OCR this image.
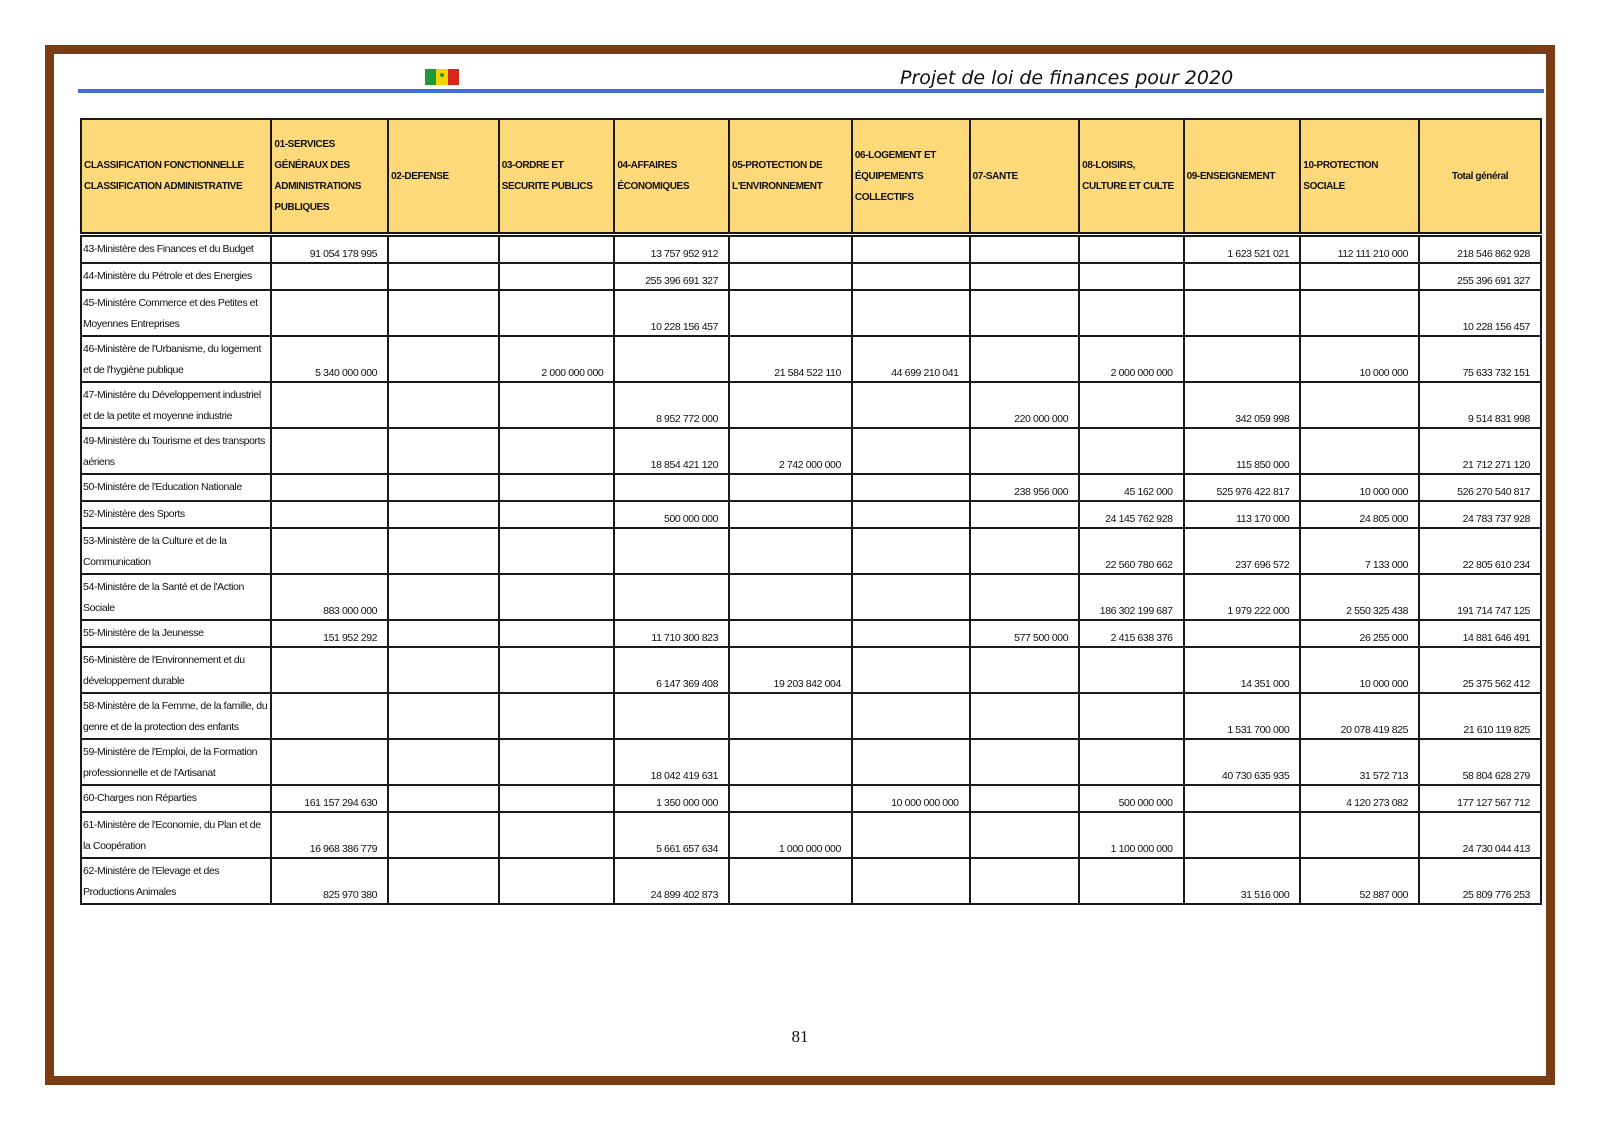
Projet de loi de finances pour 2020
CLASSIFICATION FONCTIONNELLE
CLASSIFICATION ADMINISTRATIVE	01-SERVICES GÉNÉRAUX DES ADMINISTRATIONS PUBLIQUES	02-DEFENSE	03-ORDRE ET SECURITE PUBLICS	04-AFFAIRES ÉCONOMIQUES	05-PROTECTION DE L'ENVIRONNEMENT	06-LOGEMENT ET ÉQUIPEMENTS COLLECTIFS	07-SANTE	08-LOISIRS, CULTURE ET CULTE	09-ENSEIGNEMENT	10-PROTECTION SOCIALE	Total général

43-Ministère des Finances et du Budget	91 054 178 995			13 757 952 912					1 623 521 021	112 111 210 000	218 546 862 928
44-Ministère du Pétrole et des Energies				255 396 691 327							255 396 691 327
45-Ministère Commerce et des Petites et Moyennes Entreprises				10 228 156 457							10 228 156 457
46-Ministère de l'Urbanisme, du logement et de l'hygiène publique	5 340 000 000		2 000 000 000		21 584 522 110	44 699 210 041		2 000 000 000		10 000 000	75 633 732 151
47-Ministère du Développement industriel et de la petite et moyenne industrie				8 952 772 000			220 000 000		342 059 998		9 514 831 998
49-Ministère du Tourisme et des transports aériens				18 854 421 120	2 742 000 000				115 850 000		21 712 271 120
50-Ministère de l'Education Nationale							238 956 000	45 162 000	525 976 422 817	10 000 000	526 270 540 817
52-Ministère des Sports				500 000 000				24 145 762 928	113 170 000	24 805 000	24 783 737 928
53-Ministère de la Culture et de la Communication								22 560 780 662	237 696 572	7 133 000	22 805 610 234
54-Ministère de la Santé et de l'Action Sociale	883 000 000							186 302 199 687	1 979 222 000	2 550 325 438	191 714 747 125
55-Ministère de la Jeunesse	151 952 292			11 710 300 823			577 500 000	2 415 638 376		26 255 000	14 881 646 491
56-Ministère de l'Environnement et du développement durable				6 147 369 408	19 203 842 004				14 351 000	10 000 000	25 375 562 412
58-Ministère de la Femme, de la famille, du genre et de la protection des enfants									1 531 700 000	20 078 419 825	21 610 119 825
59-Ministère de l'Emploi, de la Formation professionnelle et de l'Artisanat				18 042 419 631					40 730 635 935	31 572 713	58 804 628 279
60-Charges non Réparties	161 157 294 630			1 350 000 000		10 000 000 000		500 000 000		4 120 273 082	177 127 567 712
61-Ministère de l'Economie, du Plan et de la Coopération	16 968 386 779			5 661 657 634	1 000 000 000			1 100 000 000			24 730 044 413
62-Ministère de l'Elevage et des Productions Animales	825 970 380			24 899 402 873					31 516 000	52 887 000	25 809 776 253
81
